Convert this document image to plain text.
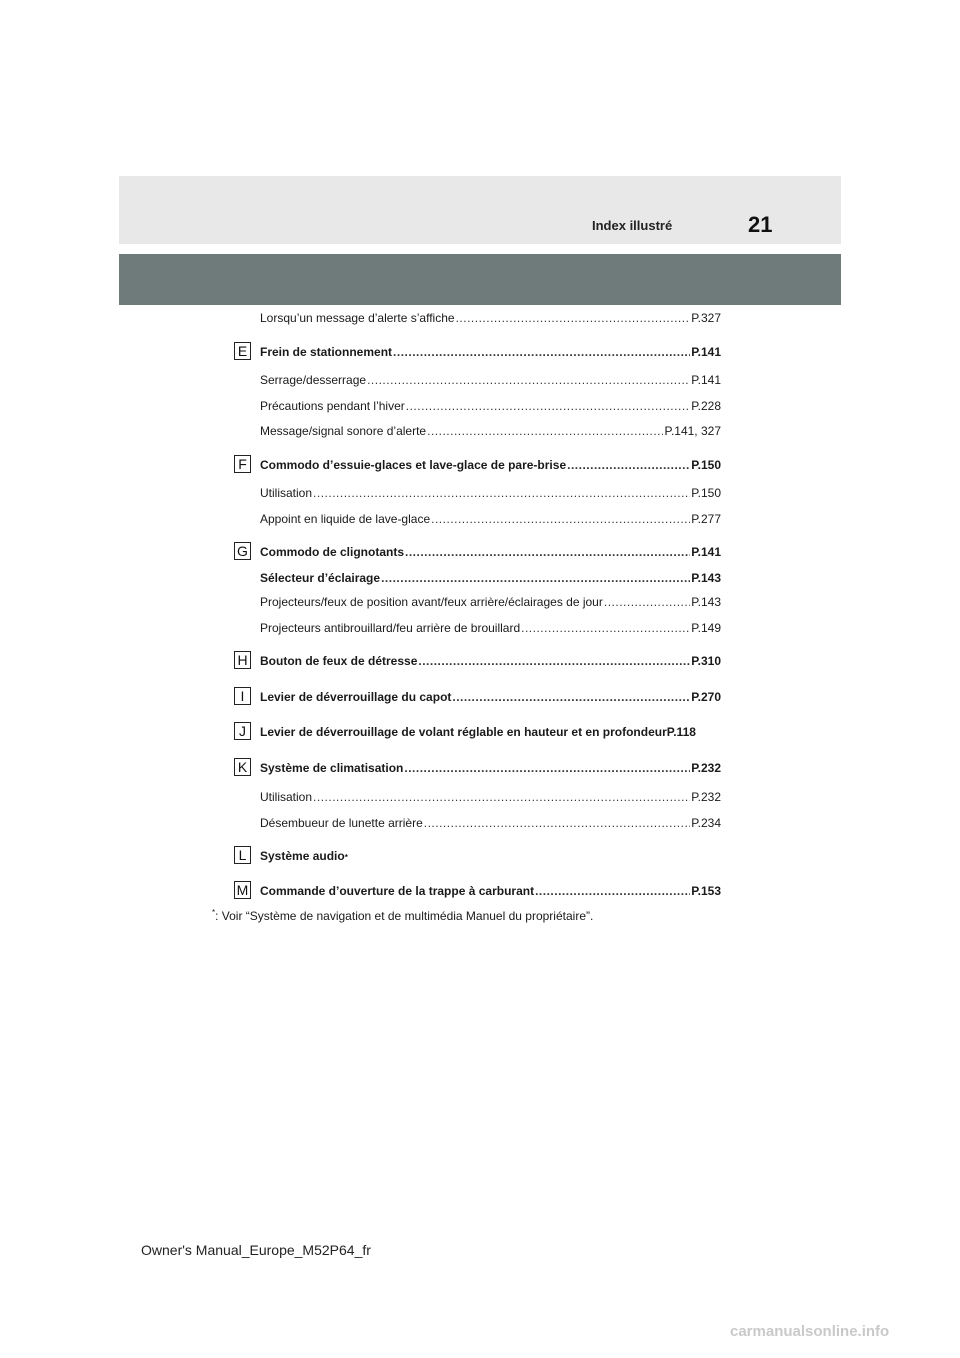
Index illustré	21
Lorsqu’un message d’alerte s’affiche .....	P.327
E	Frein de stationnement .....	P.141
Serrage/desserrage .....	P.141
Précautions pendant l’hiver .....	P.228
Message/signal sonore d’alerte .....	P.141, 327
F	Commodo d’essuie-glaces et lave-glace de pare-brise .....	P.150
Utilisation .....	P.150
Appoint en liquide de lave-glace .....	P.277
G Commodo de clignotants .....	P.141
Sélecteur d’éclairage .....	P.143
Projecteurs/feux de position avant/feux arrière/éclairages de jour .....	P.143
Projecteurs antibrouillard/feu arrière de brouillard .....	P.149
H Bouton de feux de détresse .....	P.310
I	Levier de déverrouillage du capot .....	P.270
J	Levier de déverrouillage de volant réglable en hauteur et en profondeur P.118
K	Système de climatisation .....	P.232
Utilisation .....	P.232
Désembueur de lunette arrière .....	P.234
L	Système audio *
M Commande d’ouverture de la trappe à carburant .....	P.153
*: Voir “Système de navigation et de multimédia Manuel du propriétaire”.
Owner's Manual_Europe_M52P64_fr
carmanualsonline.info
